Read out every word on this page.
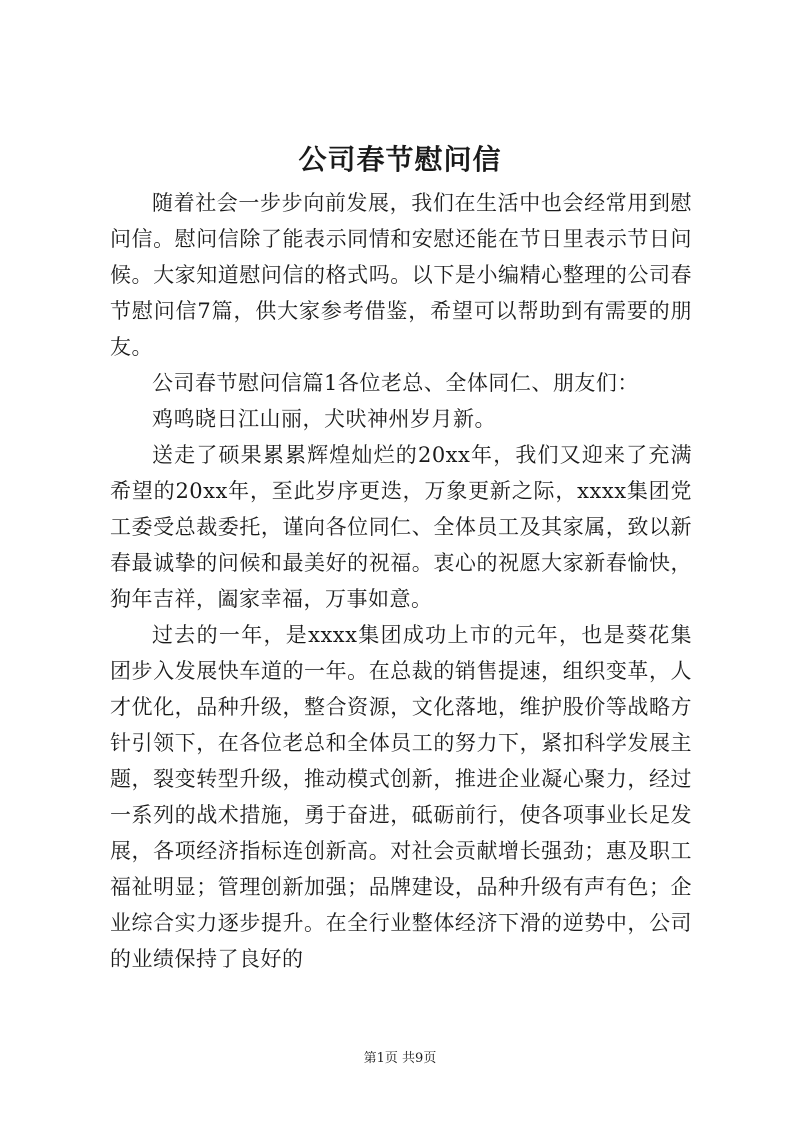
公司春节慰问信

随着社会一步步向前发展，我们在生活中也会经常用到慰问信。慰问信除了能表示同情和安慰还能在节日里表示节日问候。大家知道慰问信的格式吗。以下是小编精心整理的公司春节慰问信7篇，供大家参考借鉴，希望可以帮助到有需要的朋友。

公司春节慰问信篇1各位老总、全体同仁、朋友们：

鸡鸣晓日江山丽，犬吠神州岁月新。

送走了硕果累累辉煌灿烂的20xx年，我们又迎来了充满希望的20xx年，至此岁序更迭，万象更新之际，xxxx集团党工委受总裁委托，谨向各位同仁、全体员工及其家属，致以新春最诚挚的问候和最美好的祝福。衷心的祝愿大家新春愉快，狗年吉祥，阖家幸福，万事如意。

过去的一年，是xxxx集团成功上市的元年，也是葵花集团步入发展快车道的一年。在总裁的销售提速，组织变革，人才优化，品种升级，整合资源，文化落地，维护股价等战略方针引领下，在各位老总和全体员工的努力下，紧扣科学发展主题，裂变转型升级，推动模式创新，推进企业凝心聚力，经过一系列的战术措施，勇于奋进，砥砺前行，使各项事业长足发展，各项经济指标连创新高。对社会贡献增长强劲；惠及职工福祉明显；管理创新加强；品牌建设，品种升级有声有色；企业综合实力逐步提升。在全行业整体经济下滑的逆势中，公司的业绩保持了良好的

第1页 共9页
